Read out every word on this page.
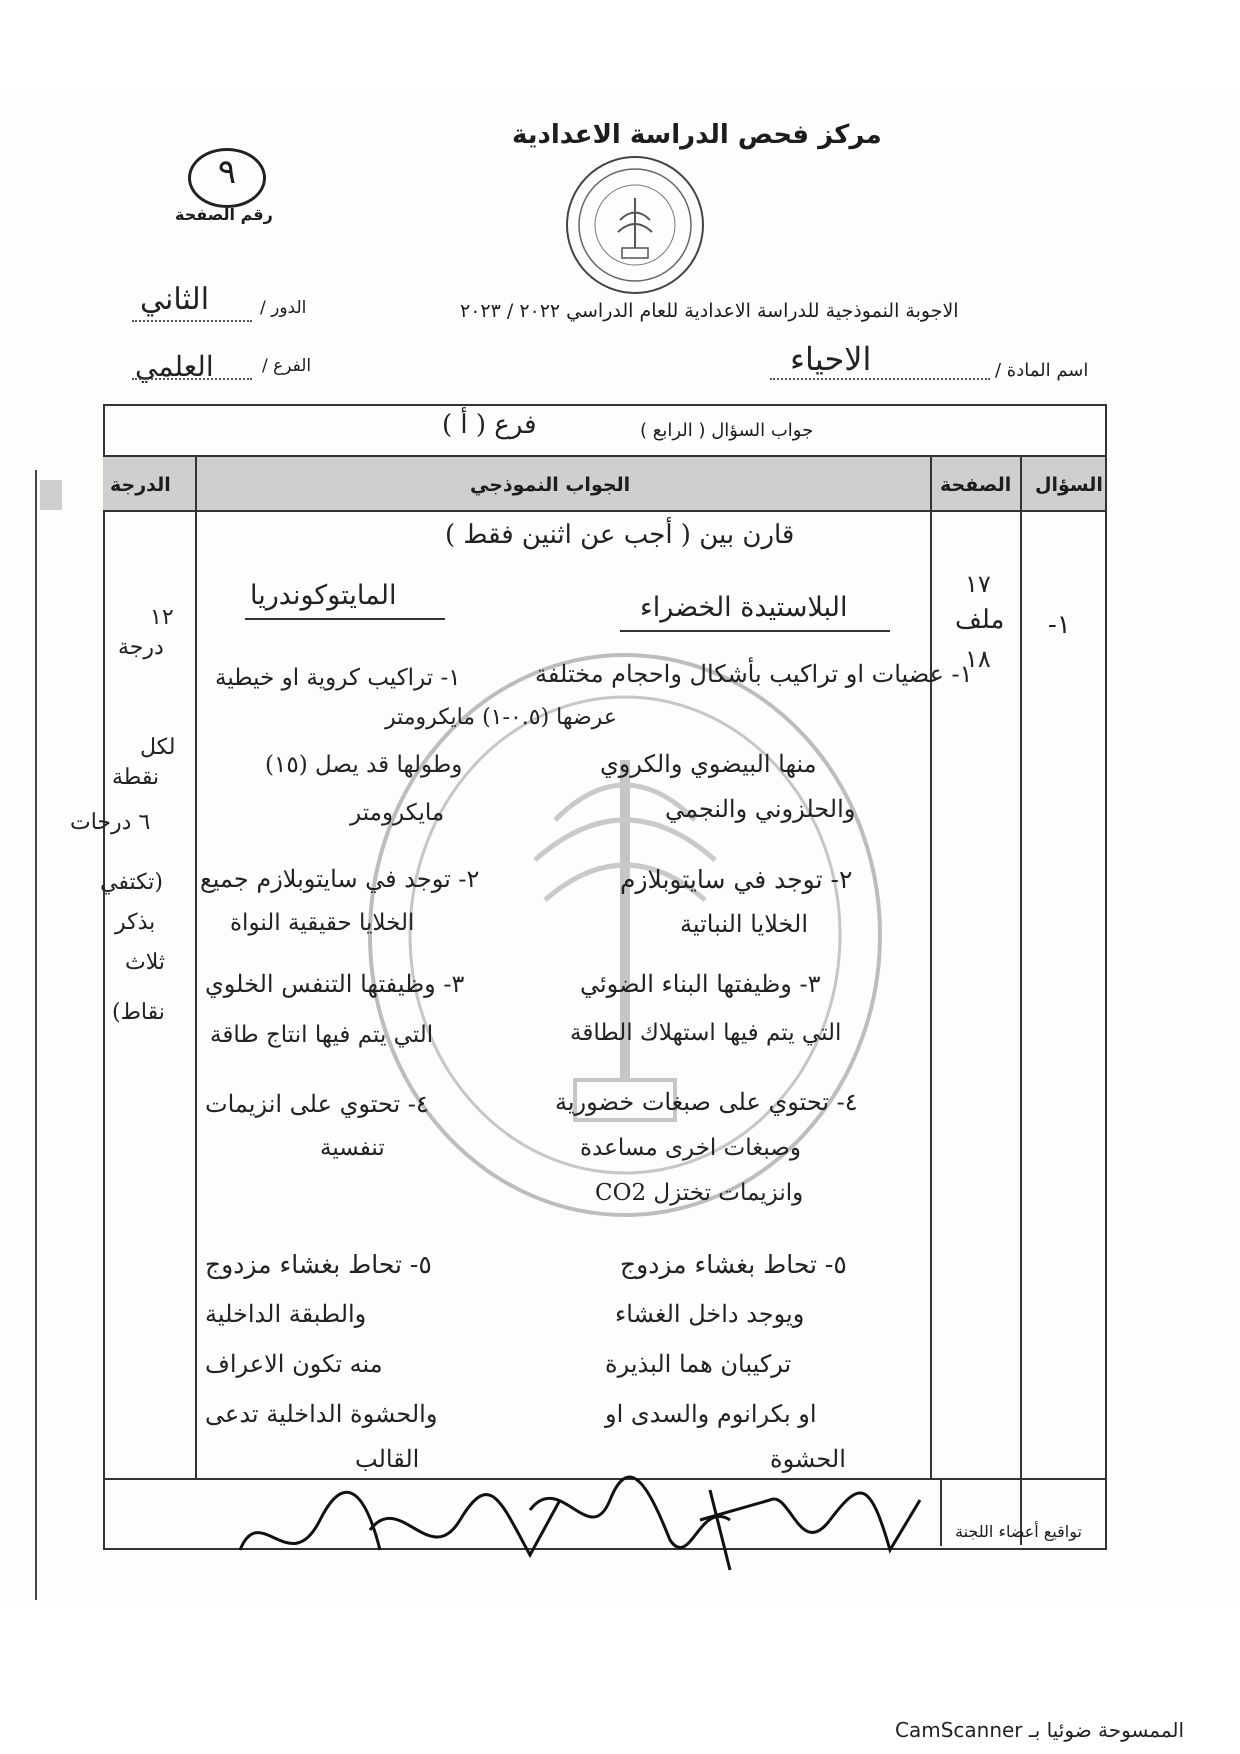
٩
رقم الصفحة
مركز فحص الدراسة الاعدادية
الدور /
الثاني
الفرع /
العلمي
الاجوبة النموذجية للدراسة الاعدادية للعام الدراسي ٢٠٢٢ / ٢٠٢٣
اسم المادة /
الاحياء
جواب السؤال ( الرابع )
فرع ( أ )
السؤال
الصفحة
الجواب النموذجي
الدرجة
١-
١٧
ملف
١٨
قارن بين ( أجب عن اثنين فقط )
البلاستيدة الخضراء
المايتوكوندريا
١- عضيات او تراكيب بأشكال واحجام مختلفة
منها البيضوي والكروي
والحلزوني والنجمي
٢- توجد في سايتوبلازم
الخلايا النباتية
٣- وظيفتها البناء الضوئي
التي يتم فيها استهلاك الطاقة
٤- تحتوي على صبغات خضورية
وصبغات اخرى مساعدة
وانزيمات تختزل CO2
٥- تحاط بغشاء مزدوج
ويوجد داخل الغشاء
تركيبان هما البذيرة
او بكرانوم والسدى او
الحشوة
١- تراكيب كروية او خيطية
عرضها (٠.٥-١) مايكرومتر
وطولها قد يصل (١٥)
مايكرومتر
٢- توجد في سايتوبلازم جميع
الخلايا حقيقية النواة
٣- وظيفتها التنفس الخلوي
التي يتم فيها انتاج طاقة
٤- تحتوي على انزيمات
تنفسية
٥- تحاط بغشاء مزدوج
والطبقة الداخلية
منه تكون الاعراف
والحشوة الداخلية تدعى
القالب
١٢
درجة
لكل
نقطة
٦ درجات
(تكتفي
بذكر
ثلاث
نقاط)
تواقيع أعضاء اللجنة
الممسوحة ضوئيا بـ CamScanner
